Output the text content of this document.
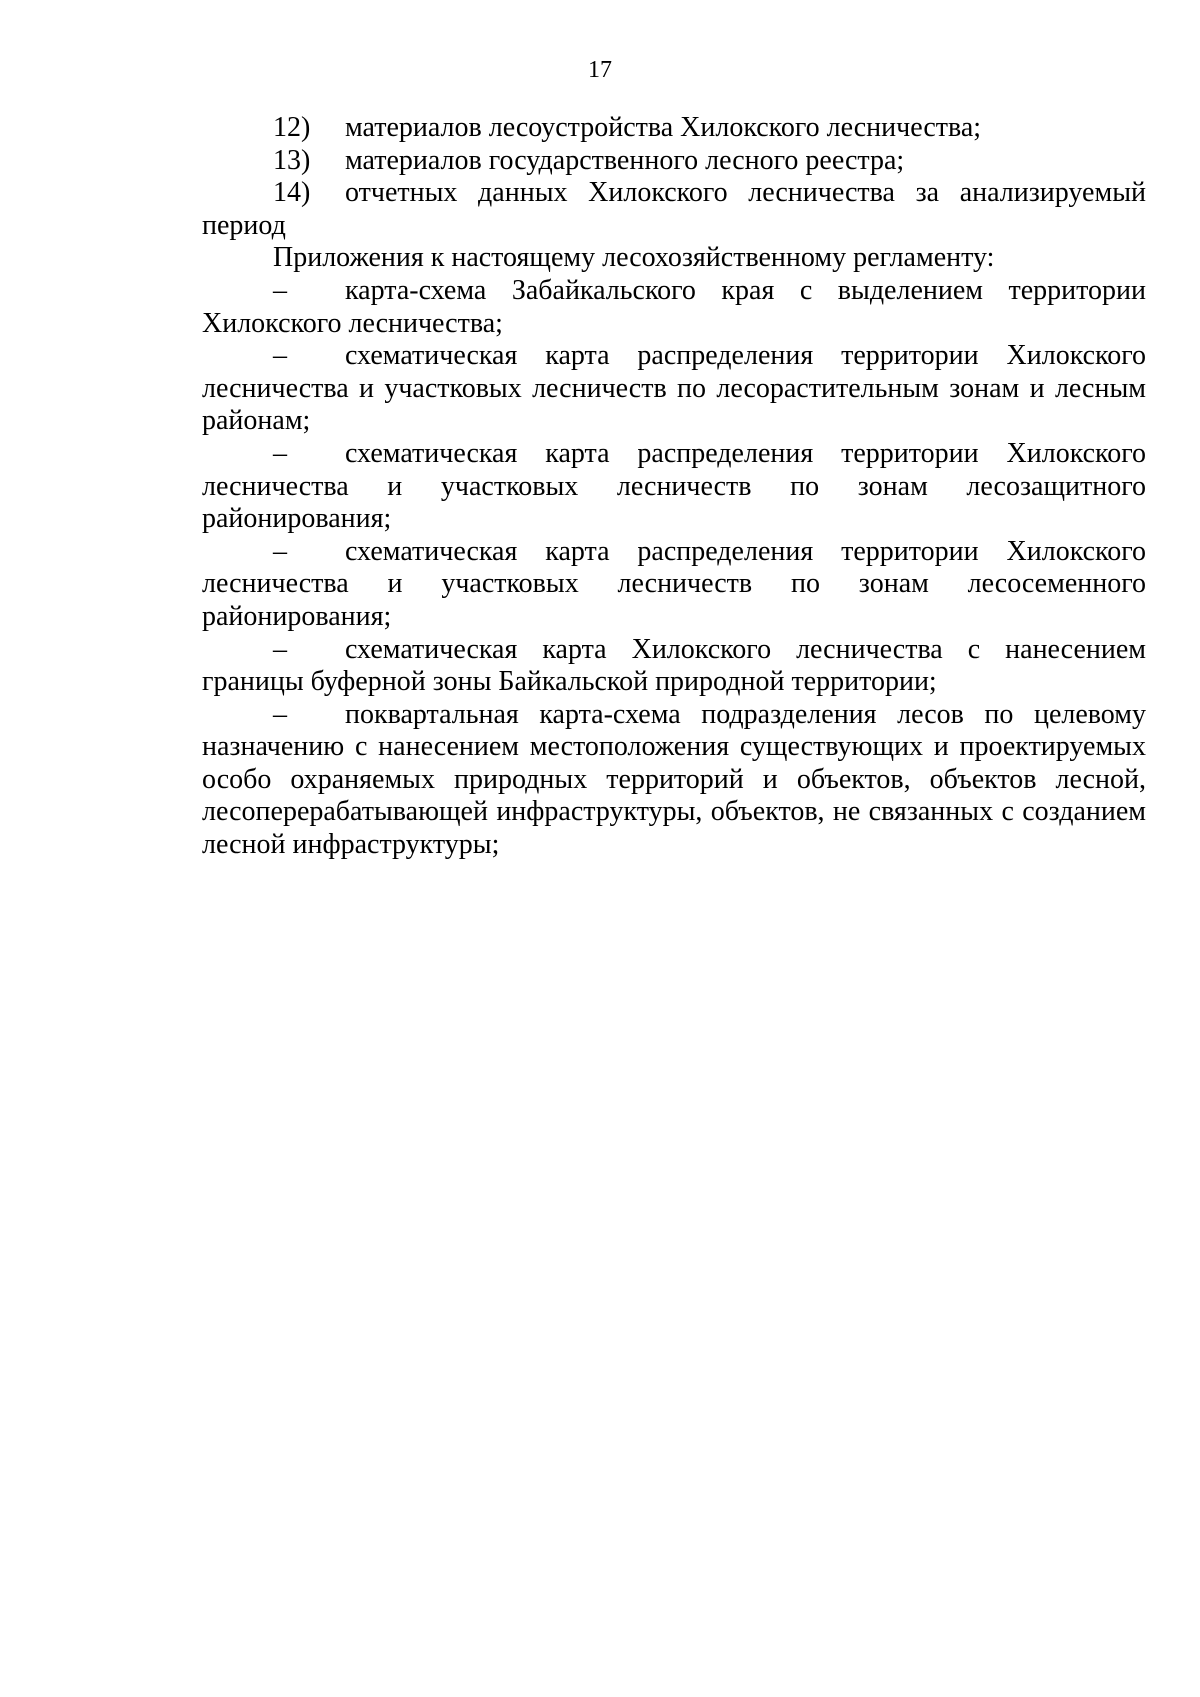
17

12) материалов лесоустройства Хилокского лесничества;

13) материалов государственного лесного реестра;

14) отчетных данных Хилокского лесничества за анализируемый период

Приложения к настоящему лесохозяйственному регламенту:

– карта-схема Забайкальского края с выделением территории Хилокского лесничества;

– схематическая карта распределения территории Хилокского лесничества и участковых лесничеств по лесорастительным зонам и лесным районам;

– схематическая карта распределения территории Хилокского лесничества и участковых лесничеств по зонам лесозащитного районирования;

– схематическая карта распределения территории Хилокского лесничества и участковых лесничеств по зонам лесосеменного районирования;

– схематическая карта Хилокского лесничества с нанесением границы буферной зоны Байкальской природной территории;

– поквартальная карта-схема подразделения лесов по целевому назначению с нанесением местоположения существующих и проектируемых особо охраняемых природных территорий и объектов, объектов лесной, лесоперерабатывающей инфраструктуры, объектов, не связанных с созданием лесной инфраструктуры;
